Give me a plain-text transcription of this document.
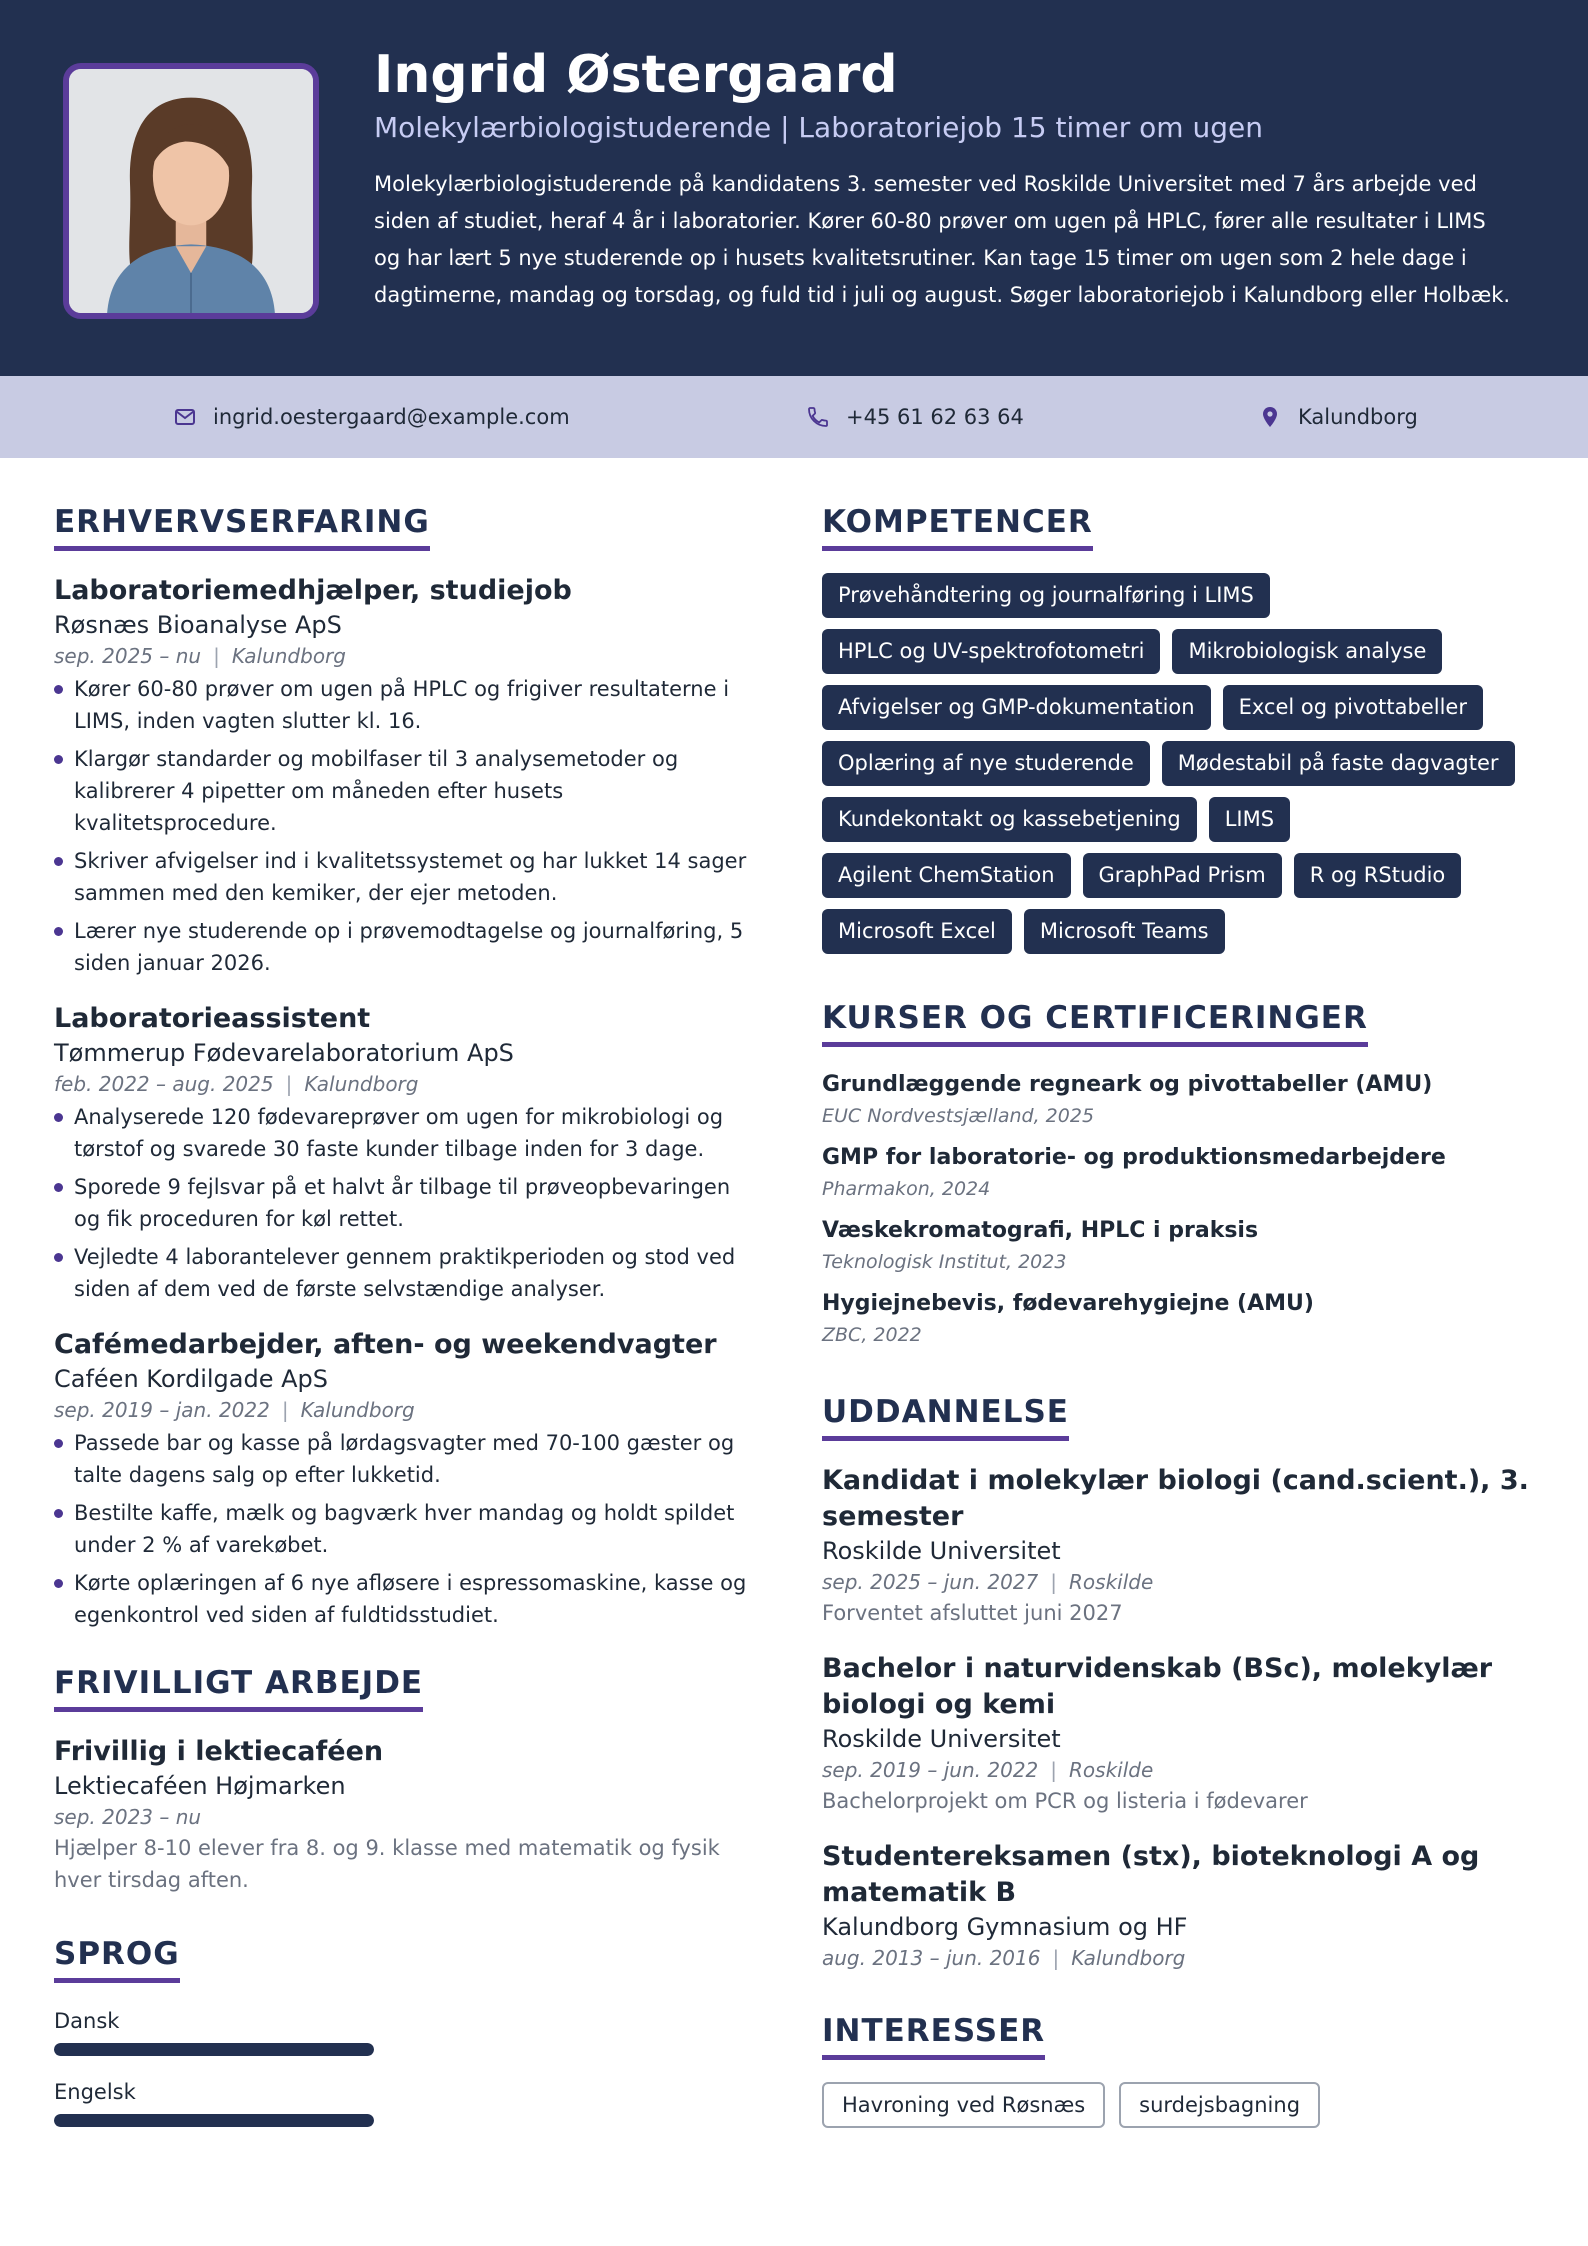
Ingrid Østergaard
Molekylærbiologistuderende | Laboratoriejob 15 timer om ugen
Molekylærbiologistuderende på kandidatens 3. semester ved Roskilde Universitet med 7 års arbejde ved siden af studiet, heraf 4 år i laboratorier. Kører 60-80 prøver om ugen på HPLC, fører alle resultater i LIMS og har lært 5 nye studerende op i husets kvalitetsrutiner. Kan tage 15 timer om ugen som 2 hele dage i dagtimerne, mandag og torsdag, og fuld tid i juli og august. Søger laboratoriejob i Kalundborg eller Holbæk.
ingrid.oestergaard@example.com	+45 61 62 63 64	Kalundborg
ERHVERVSERFARING
Laboratoriemedhjælper, studiejob
Røsnæs Bioanalyse ApS
sep. 2025 – nu | Kalundborg
Kører 60-80 prøver om ugen på HPLC og frigiver resultaterne i LIMS, inden vagten slutter kl. 16.
Klargør standarder og mobilfaser til 3 analysemetoder og kalibrerer 4 pipetter om måneden efter husets kvalitetsprocedure.
Skriver afvigelser ind i kvalitetssystemet og har lukket 14 sager sammen med den kemiker, der ejer metoden.
Lærer nye studerende op i prøvemodtagelse og journalføring, 5 siden januar 2026.
Laboratorieassistent
Tømmerup Fødevarelaboratorium ApS
feb. 2022 – aug. 2025 | Kalundborg
Analyserede 120 fødevareprøver om ugen for mikrobiologi og tørstof og svarede 30 faste kunder tilbage inden for 3 dage.
Sporede 9 fejlsvar på et halvt år tilbage til prøveopbevaringen og fik proceduren for køl rettet.
Vejledte 4 laborantelever gennem praktikperioden og stod ved siden af dem ved de første selvstændige analyser.
Cafémedarbejder, aften- og weekendvagter
Caféen Kordilgade ApS
sep. 2019 – jan. 2022 | Kalundborg
Passede bar og kasse på lørdagsvagter med 70-100 gæster og talte dagens salg op efter lukketid.
Bestilte kaffe, mælk og bagværk hver mandag og holdt spildet under 2 % af varekøbet.
Kørte oplæringen af 6 nye afløsere i espressomaskine, kasse og egenkontrol ved siden af fuldtidsstudiet.
FRIVILLIGT ARBEJDE
Frivillig i lektiecaféen
Lektiecaféen Højmarken
sep. 2023 – nu
Hjælper 8-10 elever fra 8. og 9. klasse med matematik og fysik hver tirsdag aften.
SPROG
Dansk
Engelsk
KOMPETENCER
Prøvehåndtering og journalføring i LIMS
HPLC og UV-spektrofotometri	Mikrobiologisk analyse
Afvigelser og GMP-dokumentation	Excel og pivottabeller
Oplæring af nye studerende	Mødestabil på faste dagvagter
Kundekontakt og kassebetjening	LIMS
Agilent ChemStation	GraphPad Prism	R og RStudio
Microsoft Excel	Microsoft Teams
KURSER OG CERTIFICERINGER
Grundlæggende regneark og pivottabeller (AMU)
EUC Nordvestsjælland, 2025
GMP for laboratorie- og produktionsmedarbejdere
Pharmakon, 2024
Væskekromatografi, HPLC i praksis
Teknologisk Institut, 2023
Hygiejnebevis, fødevarehygiejne (AMU)
ZBC, 2022
UDDANNELSE
Kandidat i molekylær biologi (cand.scient.), 3. semester
Roskilde Universitet
sep. 2025 – jun. 2027 | Roskilde
Forventet afsluttet juni 2027
Bachelor i naturvidenskab (BSc), molekylær biologi og kemi
Roskilde Universitet
sep. 2019 – jun. 2022 | Roskilde
Bachelorprojekt om PCR og listeria i fødevarer
Studentereksamen (stx), bioteknologi A og matematik B
Kalundborg Gymnasium og HF
aug. 2013 – jun. 2016 | Kalundborg
INTERESSER
Havroning ved Røsnæs	surdejsbagning
